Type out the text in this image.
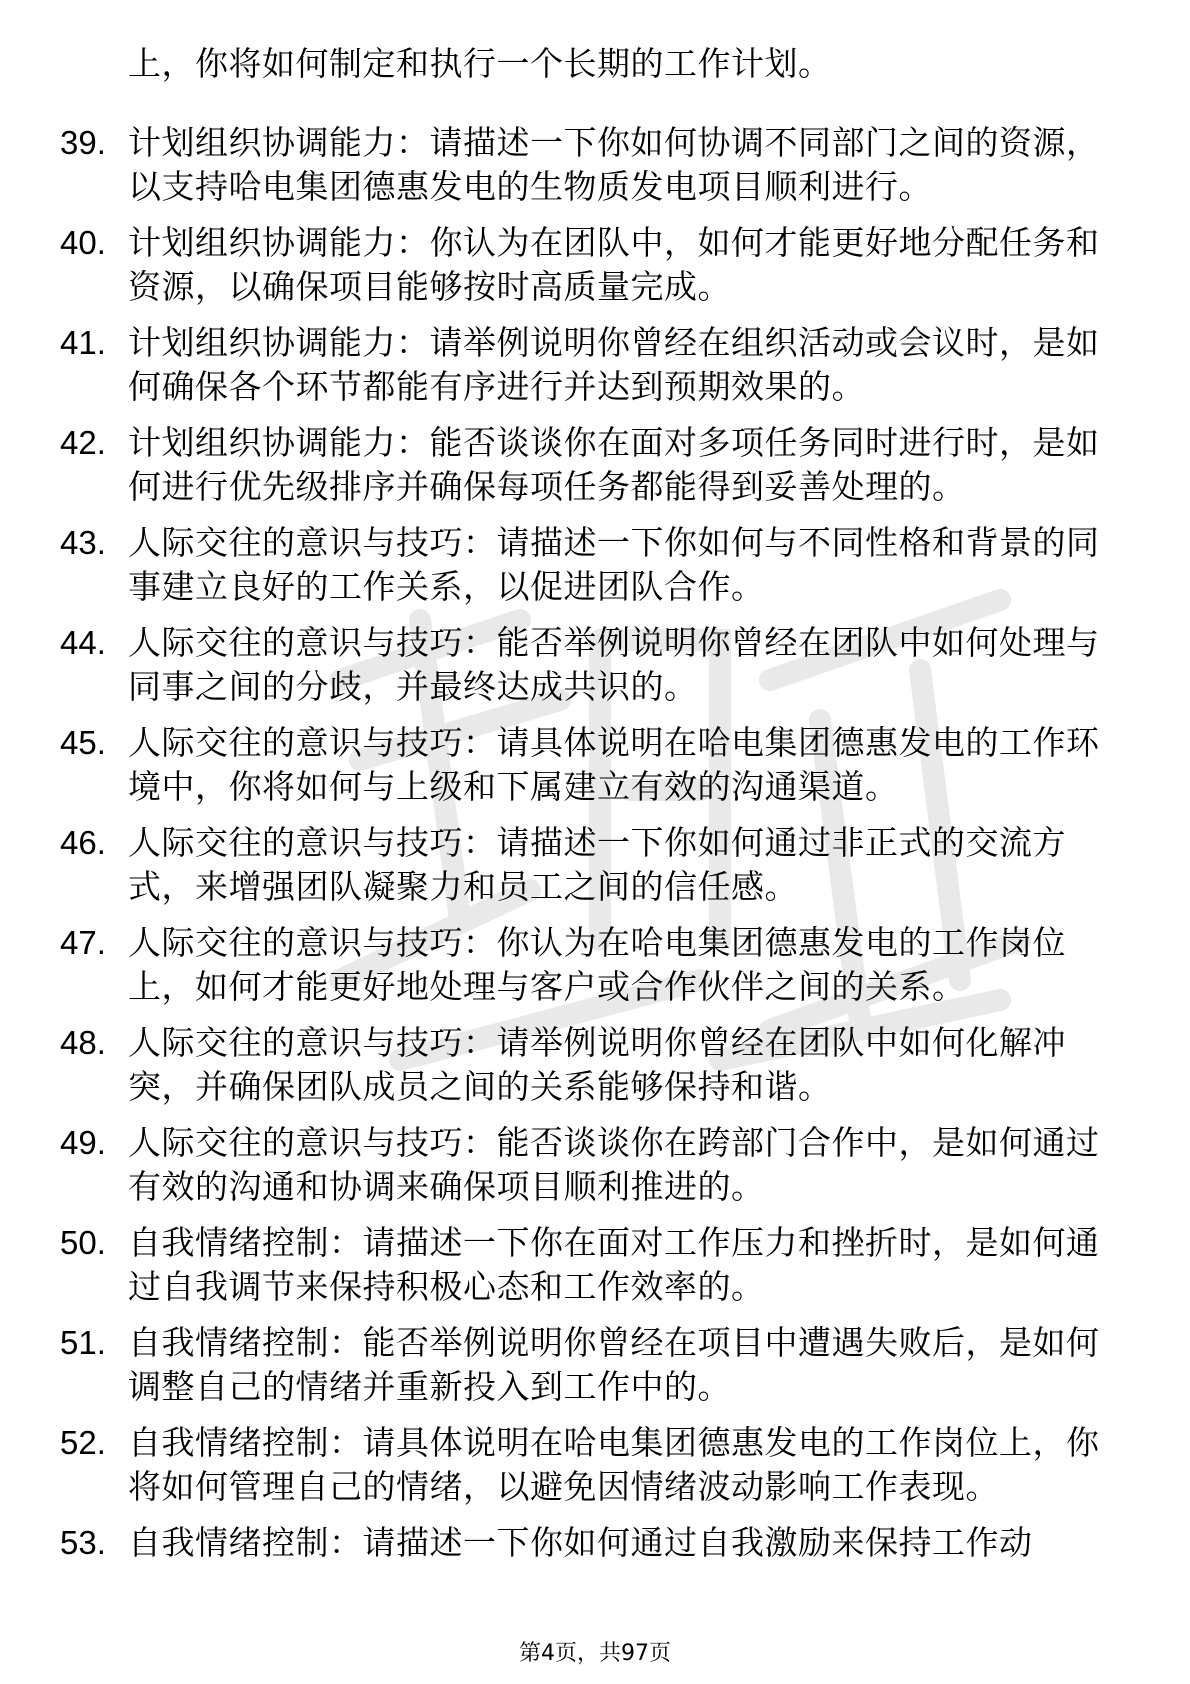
上，你将如何制定和执行一个长期的工作计划。

39. 计划组织协调能力：请描述一下你如何协调不同部门之间的资源，以支持哈电集团德惠发电的生物质发电项目顺利进行。
40. 计划组织协调能力：你认为在团队中，如何才能更好地分配任务和资源，以确保项目能够按时高质量完成。
41. 计划组织协调能力：请举例说明你曾经在组织活动或会议时，是如何确保各个环节都能有序进行并达到预期效果的。
42. 计划组织协调能力：能否谈谈你在面对多项任务同时进行时，是如何进行优先级排序并确保每项任务都能得到妥善处理的。
43. 人际交往的意识与技巧：请描述一下你如何与不同性格和背景的同事建立良好的工作关系，以促进团队合作。
44. 人际交往的意识与技巧：能否举例说明你曾经在团队中如何处理与同事之间的分歧，并最终达成共识的。
45. 人际交往的意识与技巧：请具体说明在哈电集团德惠发电的工作环境中，你将如何与上级和下属建立有效的沟通渠道。
46. 人际交往的意识与技巧：请描述一下你如何通过非正式的交流方式，来增强团队凝聚力和员工之间的信任感。
47. 人际交往的意识与技巧：你认为在哈电集团德惠发电的工作岗位上，如何才能更好地处理与客户或合作伙伴之间的关系。
48. 人际交往的意识与技巧：请举例说明你曾经在团队中如何化解冲突，并确保团队成员之间的关系能够保持和谐。
49. 人际交往的意识与技巧：能否谈谈你在跨部门合作中，是如何通过有效的沟通和协调来确保项目顺利推进的。
50. 自我情绪控制：请描述一下你在面对工作压力和挫折时，是如何通过自我调节来保持积极心态和工作效率的。
51. 自我情绪控制：能否举例说明你曾经在项目中遭遇失败后，是如何调整自己的情绪并重新投入到工作中的。
52. 自我情绪控制：请具体说明在哈电集团德惠发电的工作岗位上，你将如何管理自己的情绪，以避免因情绪波动影响工作表现。
53. 自我情绪控制：请描述一下你如何通过自我激励来保持工作动
第4页，共97页
